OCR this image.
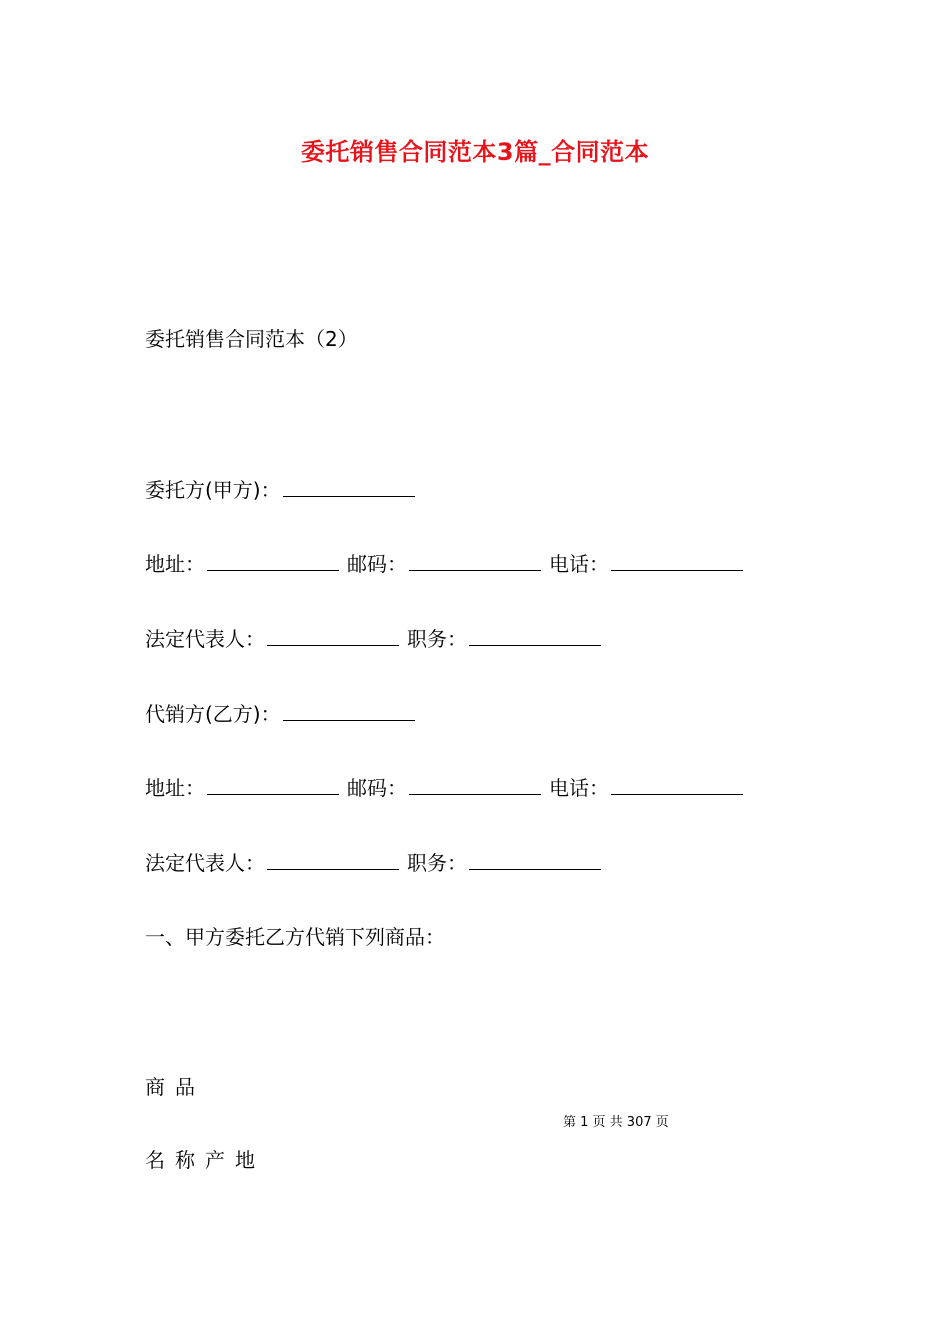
委托销售合同范本3篇_合同范本
委托销售合同范本（2）
委托方(甲方)：
地址：	邮码：	电话：
法定代表人：	职务：
代销方(乙方)：
地址：	邮码：	电话：
法定代表人：	职务：
一、甲方委托乙方代销下列商品：
商品
第 1 页 共 307 页
名称产地
